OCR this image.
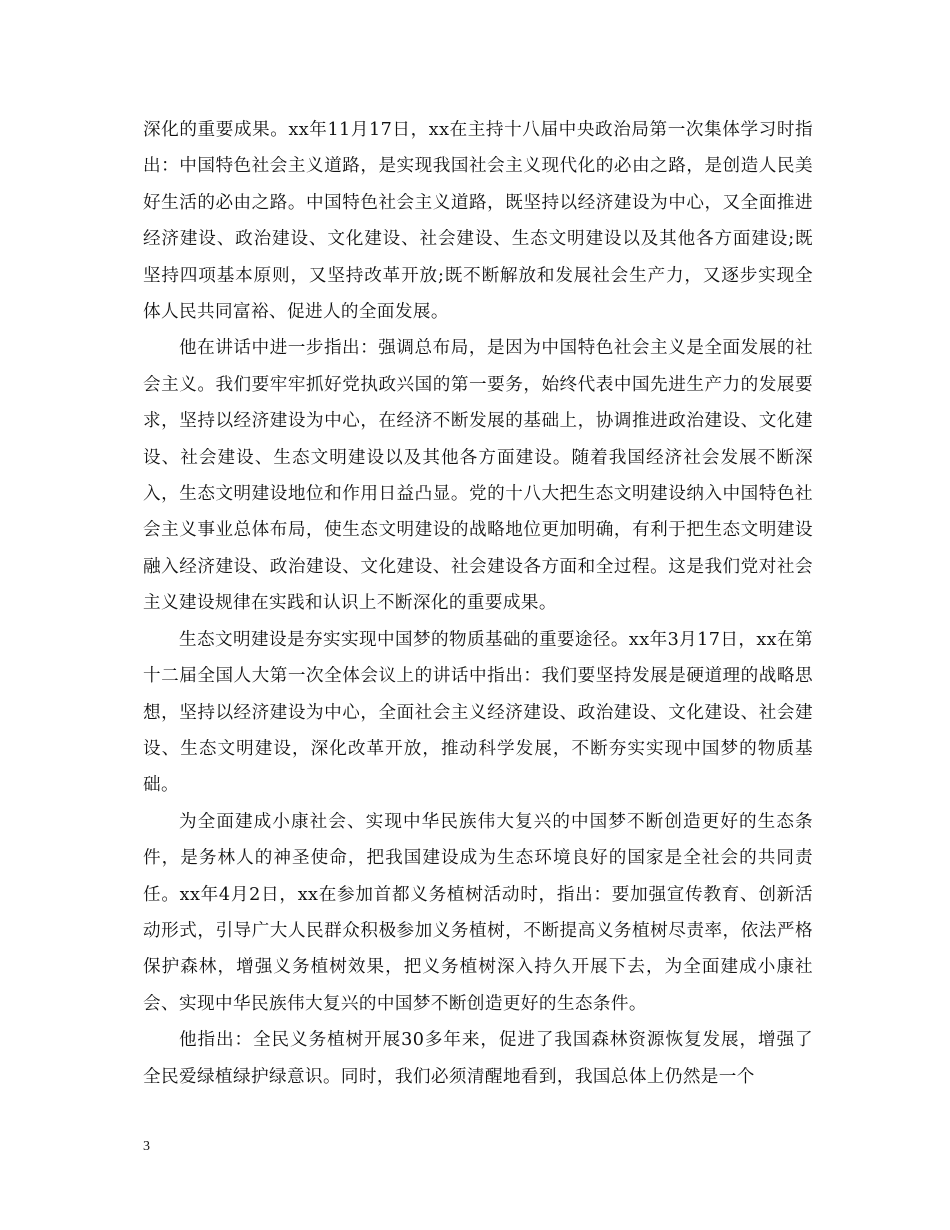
深化的重要成果。xx年11月17日，xx在主持十八届中央政治局第一次集体学习时指出：中国特色社会主义道路，是实现我国社会主义现代化的必由之路，是创造人民美好生活的必由之路。中国特色社会主义道路，既坚持以经济建设为中心，又全面推进经济建设、政治建设、文化建设、社会建设、生态文明建设以及其他各方面建设;既坚持四项基本原则，又坚持改革开放;既不断解放和发展社会生产力，又逐步实现全体人民共同富裕、促进人的全面发展。

他在讲话中进一步指出：强调总布局，是因为中国特色社会主义是全面发展的社会主义。我们要牢牢抓好党执政兴国的第一要务，始终代表中国先进生产力的发展要求，坚持以经济建设为中心，在经济不断发展的基础上，协调推进政治建设、文化建设、社会建设、生态文明建设以及其他各方面建设。随着我国经济社会发展不断深入，生态文明建设地位和作用日益凸显。党的十八大把生态文明建设纳入中国特色社会主义事业总体布局，使生态文明建设的战略地位更加明确，有利于把生态文明建设融入经济建设、政治建设、文化建设、社会建设各方面和全过程。这是我们党对社会主义建设规律在实践和认识上不断深化的重要成果。

生态文明建设是夯实实现中国梦的物质基础的重要途径。xx年3月17日，xx在第十二届全国人大第一次全体会议上的讲话中指出：我们要坚持发展是硬道理的战略思想，坚持以经济建设为中心，全面社会主义经济建设、政治建设、文化建设、社会建设、生态文明建设，深化改革开放，推动科学发展，不断夯实实现中国梦的物质基础。

为全面建成小康社会、实现中华民族伟大复兴的中国梦不断创造更好的生态条件，是务林人的神圣使命，把我国建设成为生态环境良好的国家是全社会的共同责任。xx年4月2日，xx在参加首都义务植树活动时，指出：要加强宣传教育、创新活动形式，引导广大人民群众积极参加义务植树，不断提高义务植树尽责率，依法严格保护森林，增强义务植树效果，把义务植树深入持久开展下去，为全面建成小康社会、实现中华民族伟大复兴的中国梦不断创造更好的生态条件。

他指出：全民义务植树开展30多年来，促进了我国森林资源恢复发展，增强了全民爱绿植绿护绿意识。同时，我们必须清醒地看到，我国总体上仍然是一个

3
